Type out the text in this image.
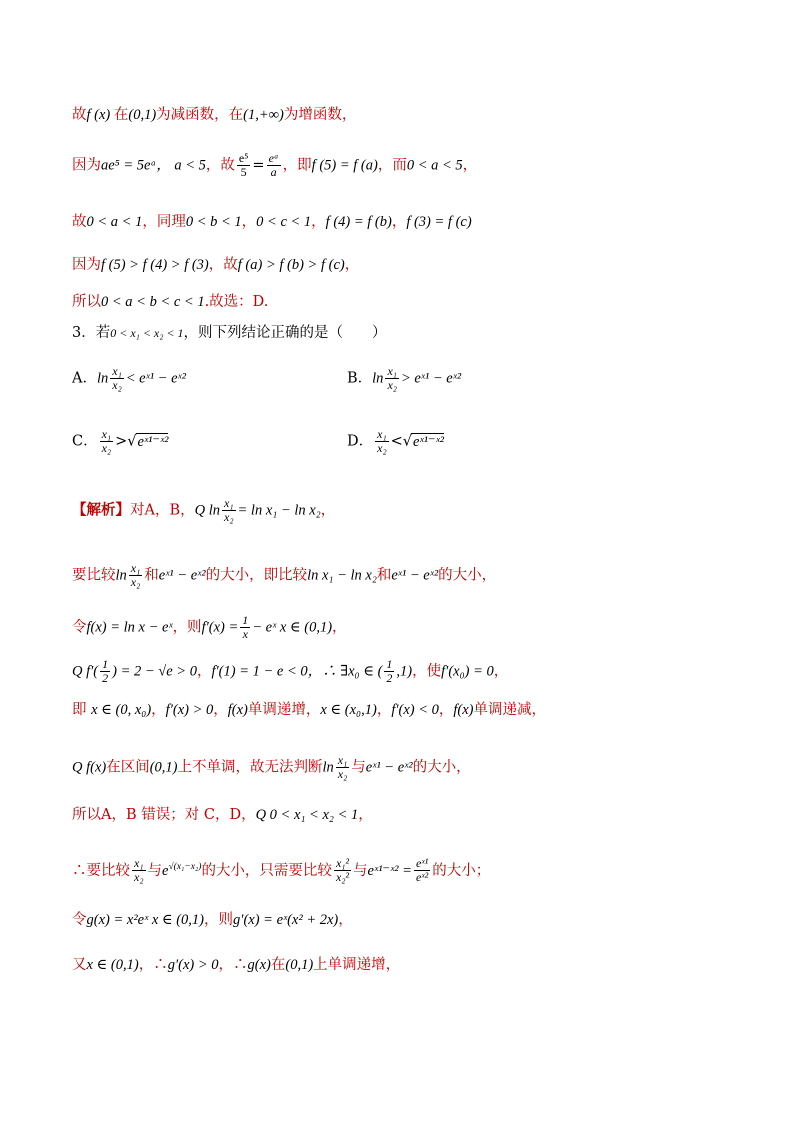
故f (x) 在(0,1)为减函数，在(1,+∞)为增函数，
因为ae⁵ = 5eᵃ， a < 5，故 $\frac{\text{e⁵}}{5} = \frac{\text{eᵃ}}{a}$ ，即f (5) = f (a)，而0 < a < 5，
故0 < a < 1，同理0 < b < 1，0 < c < 1，f (4) = f (b)，f (3) = f (c)
因为f (5) > f (4) > f (3)，故f (a) > f (b) > f (c)，
所以0 < a < b < c < 1.故选：D.
3．若0 < x₁ < x₂ < 1，则下列结论正确的是（　　）
A．$\ln \frac{\text{x₁}}{\text{x₂}}$ < eˣ¹ − eˣ²	B．$\ln \frac{\text{x₁}}{\text{x₂}}$ > eˣ¹ − eˣ²
C． $\frac{\text{x₁}}{\text{x₂}}$ >√eˣ¹⁻ˣ²	D． $\frac{\text{x₁}}{\text{x₂}}$ <√eˣ¹⁻ˣ²
【解析】对A，B，Q $\ln \frac{\text{x₁}}{\text{x₂}} = \ln x_1 - \ln x_2$，
要比较$\ln \frac{\text{x₁}}{\text{x₂}}$ 和eˣ¹ − eˣ²的大小，即比较ln x₁ − ln x₂和eˣ¹ − eˣ²的大小，
令f(x) = ln x − eˣ，则$f'(x) = \frac{1}{x}$ − eˣ x ∈ (0,1)，
Q $f'( \frac{1}{2}$ ) = 2 − √e > 0，f′(1) = 1 − e < 0，∴ ∃x₀ ∈ ( $\frac{1}{2} ,1$)，使f′(x₀) = 0，
即 x ∈ (0, x₀)，f′(x) > 0，f(x)单调递增，x ∈ (x₀,1)，f′(x) < 0，f(x)单调递减，
Q f(x)在区间(0,1)上不单调，故无法判断$\ln \frac{\text{x₁}}{\text{x₂}}$ 与eˣ¹ − eˣ²的大小，
所以A，B 错误；对 C，D，Q 0 < x₁ < x₂ < 1，
∴要比较 $\frac{\text{x₁}}{\text{x₂}}$ 与$e^{√(x_1-x_2)}$的大小，只需要比较 $\frac{\text{x₁²}}{\text{x₂²}}$ 与eˣ¹⁻ˣ² = $\frac{\text{eˣ¹}}{\text{eˣ²}}$ 的大小；
令g(x) = x²eˣ x ∈ (0,1)，则g′(x) = eˣ(x² + 2x)，
又x ∈ (0,1)，∴g′(x) > 0，∴g(x)在(0,1)上单调递增，
